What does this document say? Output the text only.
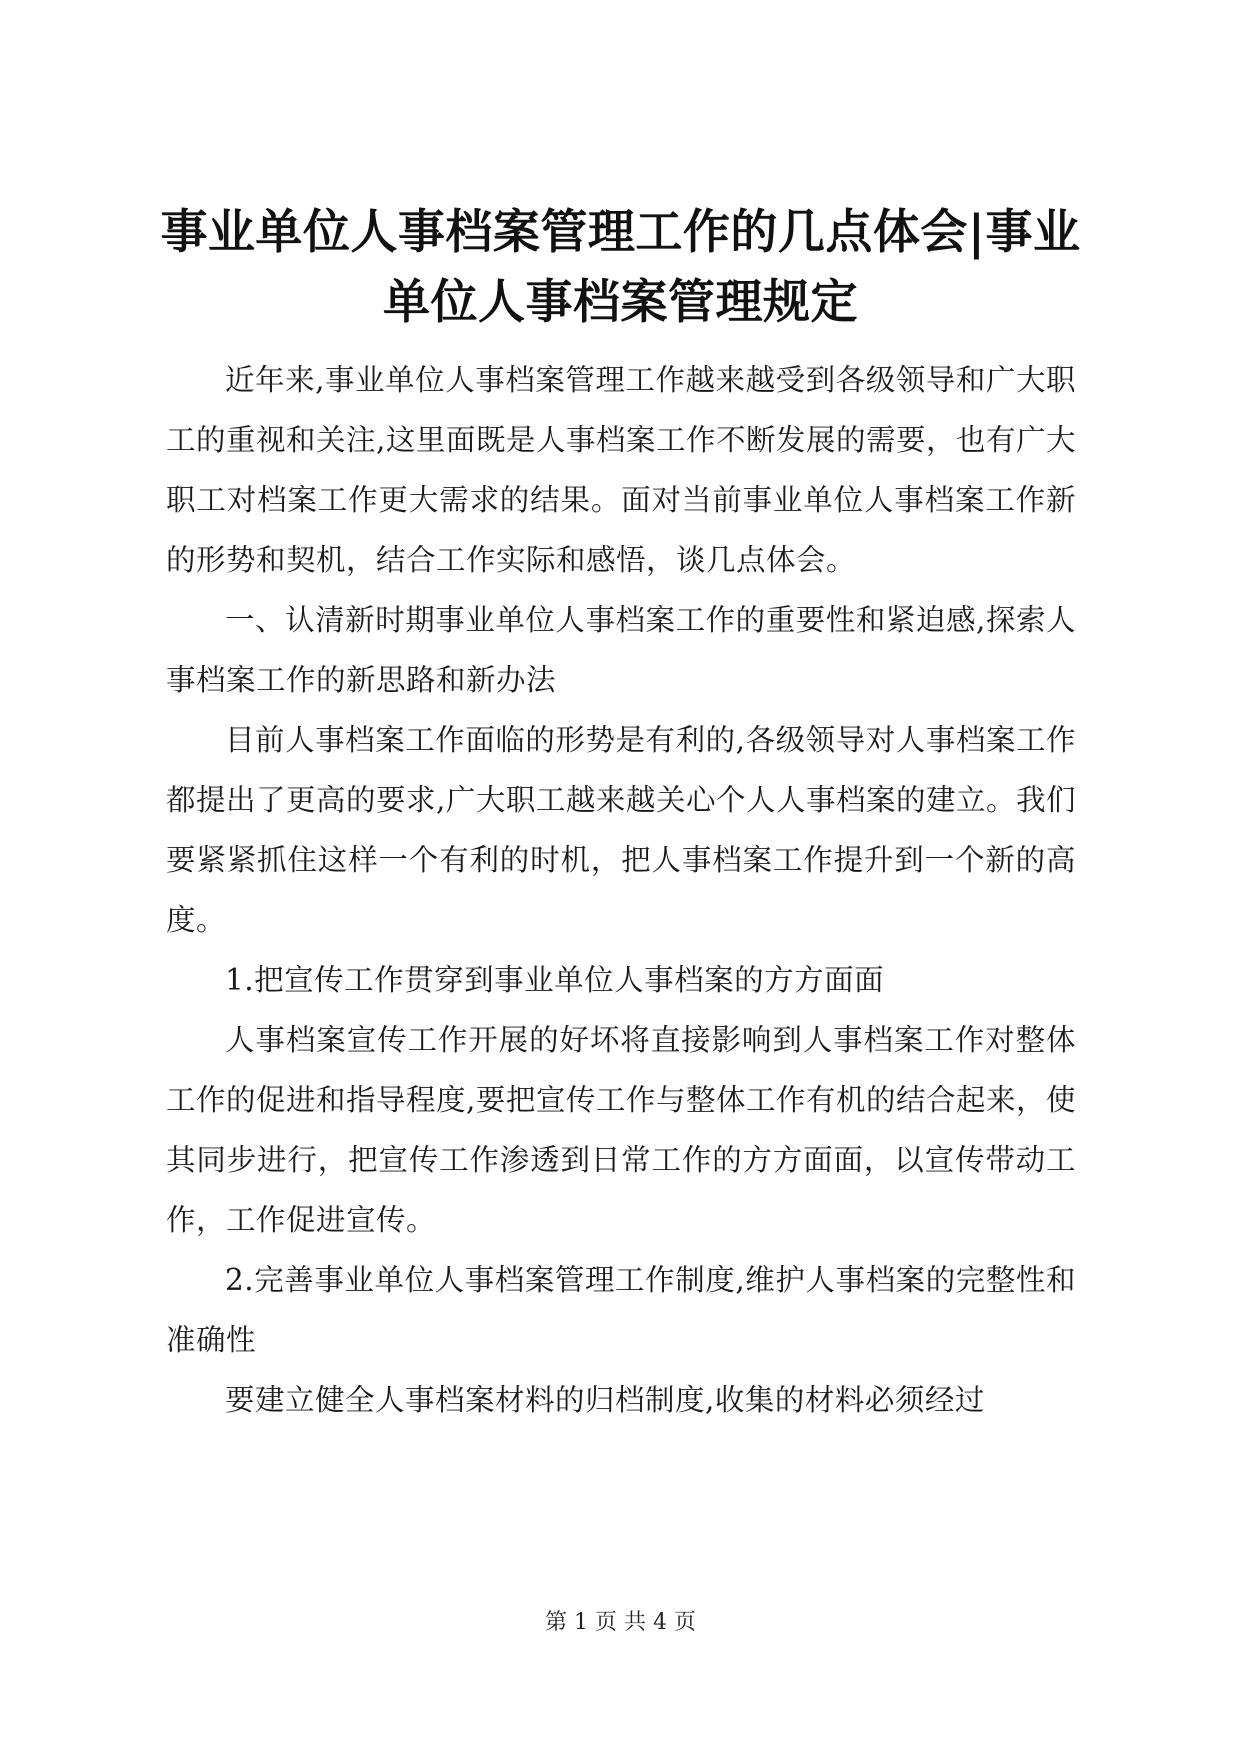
事业单位人事档案管理工作的几点体会|事业
单位人事档案管理规定

近年来,事业单位人事档案管理工作越来越受到各级领导和广大职工的重视和关注,这里面既是人事档案工作不断发展的需要，也有广大职工对档案工作更大需求的结果。面对当前事业单位人事档案工作新的形势和契机，结合工作实际和感悟，谈几点体会。

一、认清新时期事业单位人事档案工作的重要性和紧迫感,探索人事档案工作的新思路和新办法

目前人事档案工作面临的形势是有利的,各级领导对人事档案工作都提出了更高的要求,广大职工越来越关心个人人事档案的建立。我们要紧紧抓住这样一个有利的时机，把人事档案工作提升到一个新的高度。

1.把宣传工作贯穿到事业单位人事档案的方方面面

人事档案宣传工作开展的好坏将直接影响到人事档案工作对整体工作的促进和指导程度,要把宣传工作与整体工作有机的结合起来，使其同步进行，把宣传工作渗透到日常工作的方方面面，以宣传带动工作，工作促进宣传。

2.完善事业单位人事档案管理工作制度,维护人事档案的完整性和准确性

要建立健全人事档案材料的归档制度,收集的材料必须经过

第 1 页 共 4 页
